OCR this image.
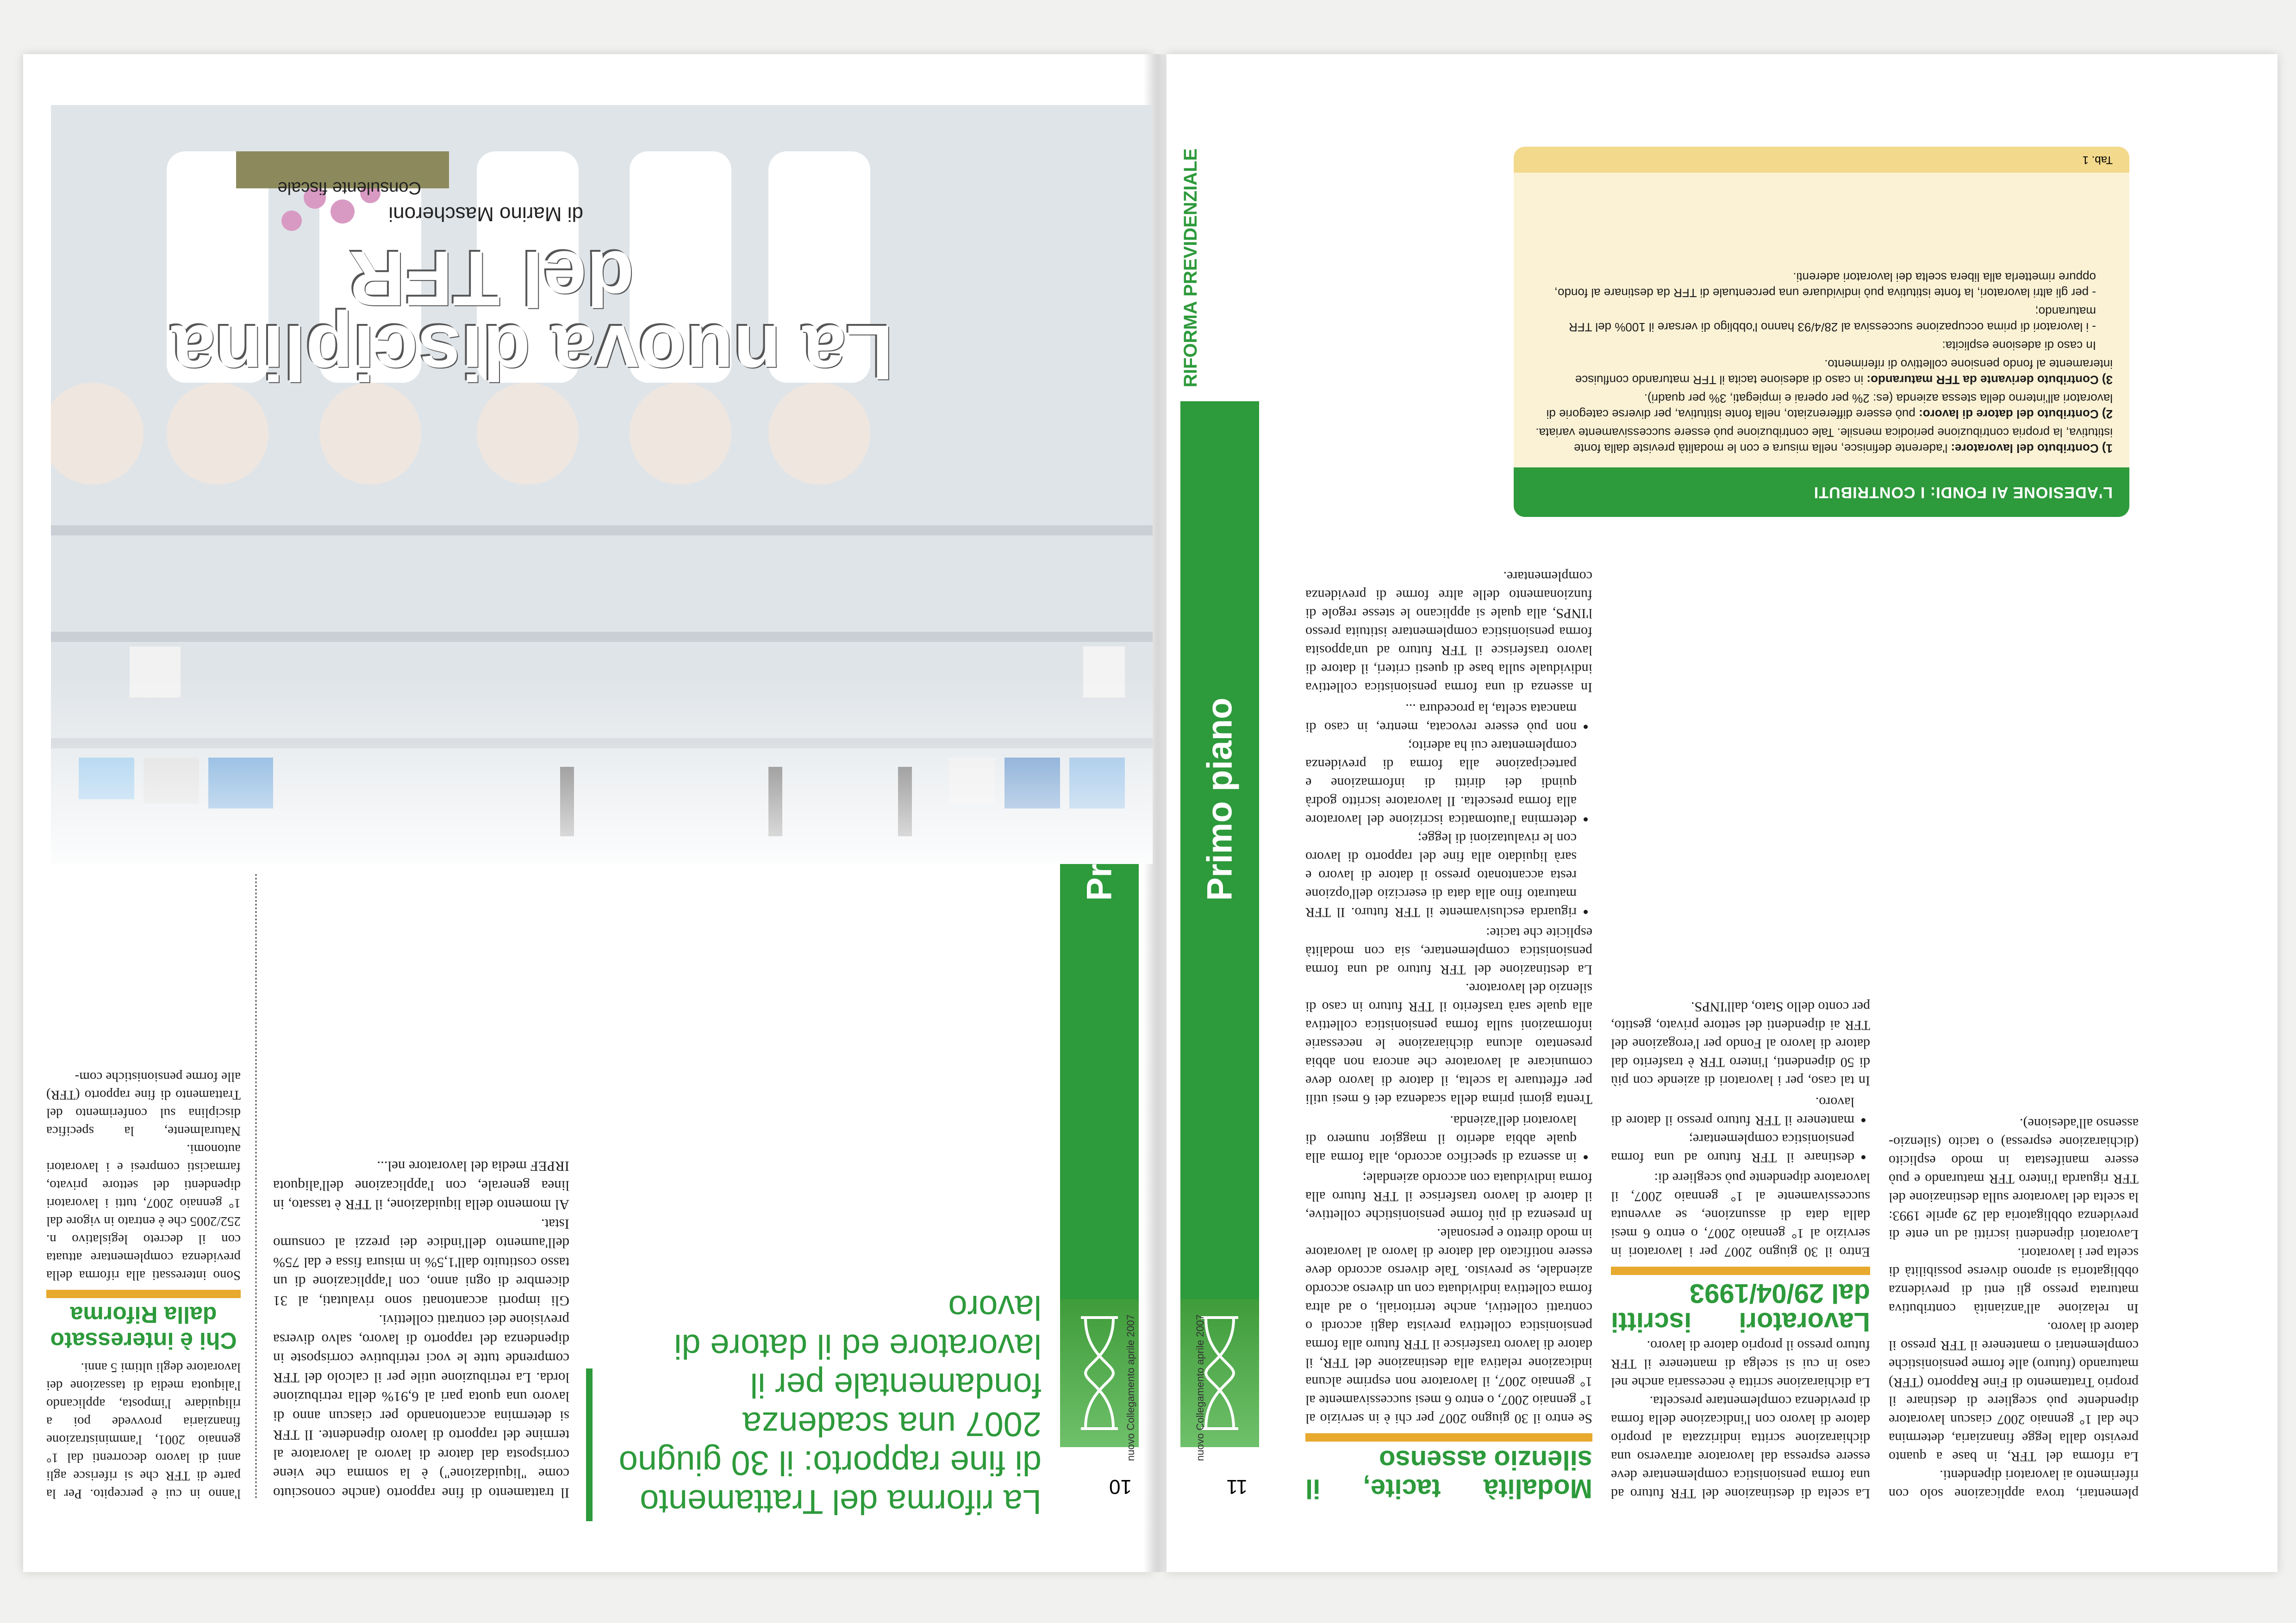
10
nuovo Collegamento aprile 2007
La riforma del Trattamento di fine rapporto: il 30 giugno 2007 una scadenza fondamentale per il lavoratore ed il datore di lavoro

Il trattamento di fine rapporto (anche conosciuto come "liquidazione") è la somma che viene corrisposta dal datore di lavoro al lavoratore al termine del rapporto di lavoro dipendente. Il TFR si determina accantonando per ciascun anno di lavoro una quota pari al 6,91% della retribuzione lorda. La retribuzione utile per il calcolo del TFR comprende tutte le voci retributive corrisposte in dipendenza del rapporto di lavoro, salvo diversa previsione dei contratti collettivi.

Gli importi accantonati sono rivalutati, al 31 dicembre di ogni anno, con l'applicazione di un tasso costituito dall'1,5% in misura fissa e dal 75% dell'aumento dell'indice dei prezzi al consumo Istat.

Al momento della liquidazione, il TFR è tassato, in linea generale, con l'applicazione dell'aliquota IRPEF media del lavoratore nel...

l'anno in cui è percepito. Per la parte di TFR che si riferisce agli anni di lavoro decorrenti dal 1° gennaio 2001, l'amministrazione finanziaria provvede poi a riliquidare l'imposta, applicando l'aliquota media di tassazione dei lavoratore degli ultimi 5 anni.

Chi è interessato dalla Riforma

Sono interessati alla riforma della previdenza complementare attuata con il decreto legislativo n. 252/2005 che è entrato in vigore dal 1° gennaio 2007, tutti i lavoratori dipendenti del settore privato, farmacisti compresi e i lavoratori autonomi.

Naturalmente, la specifica disciplina sul conferimento del Trattamento di fine rapporto (TFR) alle forme pensionistiche com-

La nuova disciplina
del TFR
di Marino Mascheroni
Consulente fiscale
Primo piano
11
nuovo Collegamento aprile 2007
RIFORMA PREVIDENZIALE

plementari, trova applicazione solo con riferimento ai lavoratori dipendenti.

La riforma del TFR, in base a quanto previsto dalla legge finanziaria, determina che dal 1° gennaio 2007 ciascun lavoratore dipendente può scegliere di destinare il proprio Trattamento di Fine Rapporto (TFR) maturando (futuro) alle forme pensionistiche complementari o mantenere il TFR presso il datore di lavoro.

In relazione all'anzianità contributiva maturata presso gli enti di previdenza obbligatoria si aprono diverse possibilità di scelta per i lavoratori.

Lavoratori dipendenti iscritti ad un ente di previdenza obbligatoria dal 29 aprile 1993: la scelta del lavoratore sulla destinazione del TFR riguarda l'intero TFR maturando e può essere manifestata in modo esplicito (dichiarazione espressa) o tacito (silenzio-assenso all'adesione).

La scelta di destinazione del TFR futuro ad una forma pensionistica complementare deve essere espressa dal lavoratore attraverso una dichiarazione scritta indirizzata al proprio datore di lavoro con l'indicazione della forma di previdenza complementare prescelta.

La dichiarazione scritta è necessaria anche nel caso in cui si scelga di mantenere il TFR futuro presso il proprio datore di lavoro.

Lavoratori iscritti dal 29/04/1993

Entro il 30 giugno 2007 per i lavoratori in servizio al 1° gennaio 2007, o entro 6 mesi dalla data di assunzione, se avvenuta successivamente al 1° gennaio 2007, il lavoratore dipendente può scegliere di:

• destinare il TFR futuro ad una forma pensionistica complementare;
• mantenere il TFR futuro presso il datore di lavoro.

In tal caso, per i lavoratori di aziende con più di 50 dipendenti, l'intero TFR è trasferito dal datore di lavoro al Fondo per l'erogazione del TFR ai dipendenti del settore privato, gestito, per conto dello Stato, dall'INPS.

Modalità tacite, il silenzio assenso

Se entro il 30 giugno 2007 per chi è in servizio al 1° gennaio 2007, o entro 6 mesi successivamente al 1° gennaio 2007, il lavoratore non esprime alcuna indicazione relativa alla destinazione del TFR, il datore di lavoro trasferisce il TFR futuro alla forma pensionistica collettiva prevista dagli accordi o contratti collettivi, anche territoriali, o ad altra forma collettiva individuata con un diverso accordo aziendale, se previsto. Tale diverso accordo deve essere notificato dal datore di lavoro al lavoratore in modo diretto e personale.

In presenza di più forme pensionistiche collettive, il datore di lavoro trasferisce il TFR futuro alla forma individuata con accordo aziendale;

• in assenza di specifico accordo, alla forma alla quale abbia aderito il maggior numero di lavoratori dell'azienda.

Trenta giorni prima della scadenza dei 6 mesi utili per effettuare la scelta, il datore di lavoro deve comunicare al lavoratore che ancora non abbia presentato alcuna dichiarazione le necessarie informazioni sulla forma pensionistica collettiva alla quale sarà trasferito il TFR futuro in caso di silenzio del lavoratore.

La destinazione del TFR futuro ad una forma pensionistica complementare, sia con modalità esplicite che tacite:

• riguarda esclusivamente il TFR futuro. Il TFR maturato fino alla data di esercizio dell'opzione resta accantonato presso il datore di lavoro e sarà liquidato alla fine del rapporto di lavoro con le rivalutazioni di legge;
• determina l'automatica iscrizione del lavoratore alla forma prescelta. Il lavoratore iscritto godrà quindi dei diritti di informazione e partecipazione alla forma di previdenza complementare cui ha aderito;
• non può essere revocata, mentre, in caso di mancata scelta, la procedura ...

In assenza di una forma pensionistica collettiva individuale sulla base di questi criteri, il datore di lavoro trasferisce il TFR futuro ad un'apposita forma pensionistica complementare istituita presso l'INPS, alla quale si applicano le stesse regole di funzionamento delle altre forme di previdenza complementare.

L'ADESIONE AI FONDI: I CONTRIBUTI

1) Contributo del lavoratore: l'aderente definisce, nella misura e con le modalità previste dalla fonte istitutiva, la propria contribuzione periodica mensile. Tale contribuzione può essere successivamente variata.

2) Contributo del datore di lavoro: può essere differenziato, nella fonte istitutiva, per diverse categorie di lavoratori all'interno della stessa azienda (es: 2% per operai e impiegati, 3% per quadri).

3) Contributo derivante da TFR maturando: in caso di adesione tacita il TFR maturando confluisce interamente al fondo pensione collettivo di riferimento.

In caso di adesione esplicita:

- i lavoratori di prima occupazione successiva al 28/4/93 hanno l'obbligo di versare il 100% del TFR maturando;

- per gli altri lavoratori, la fonte istitutiva può individuare una percentuale di TFR da destinare al fondo, oppure rimetterla alla libera scelta dei lavoratori aderenti.

Tab. 1
